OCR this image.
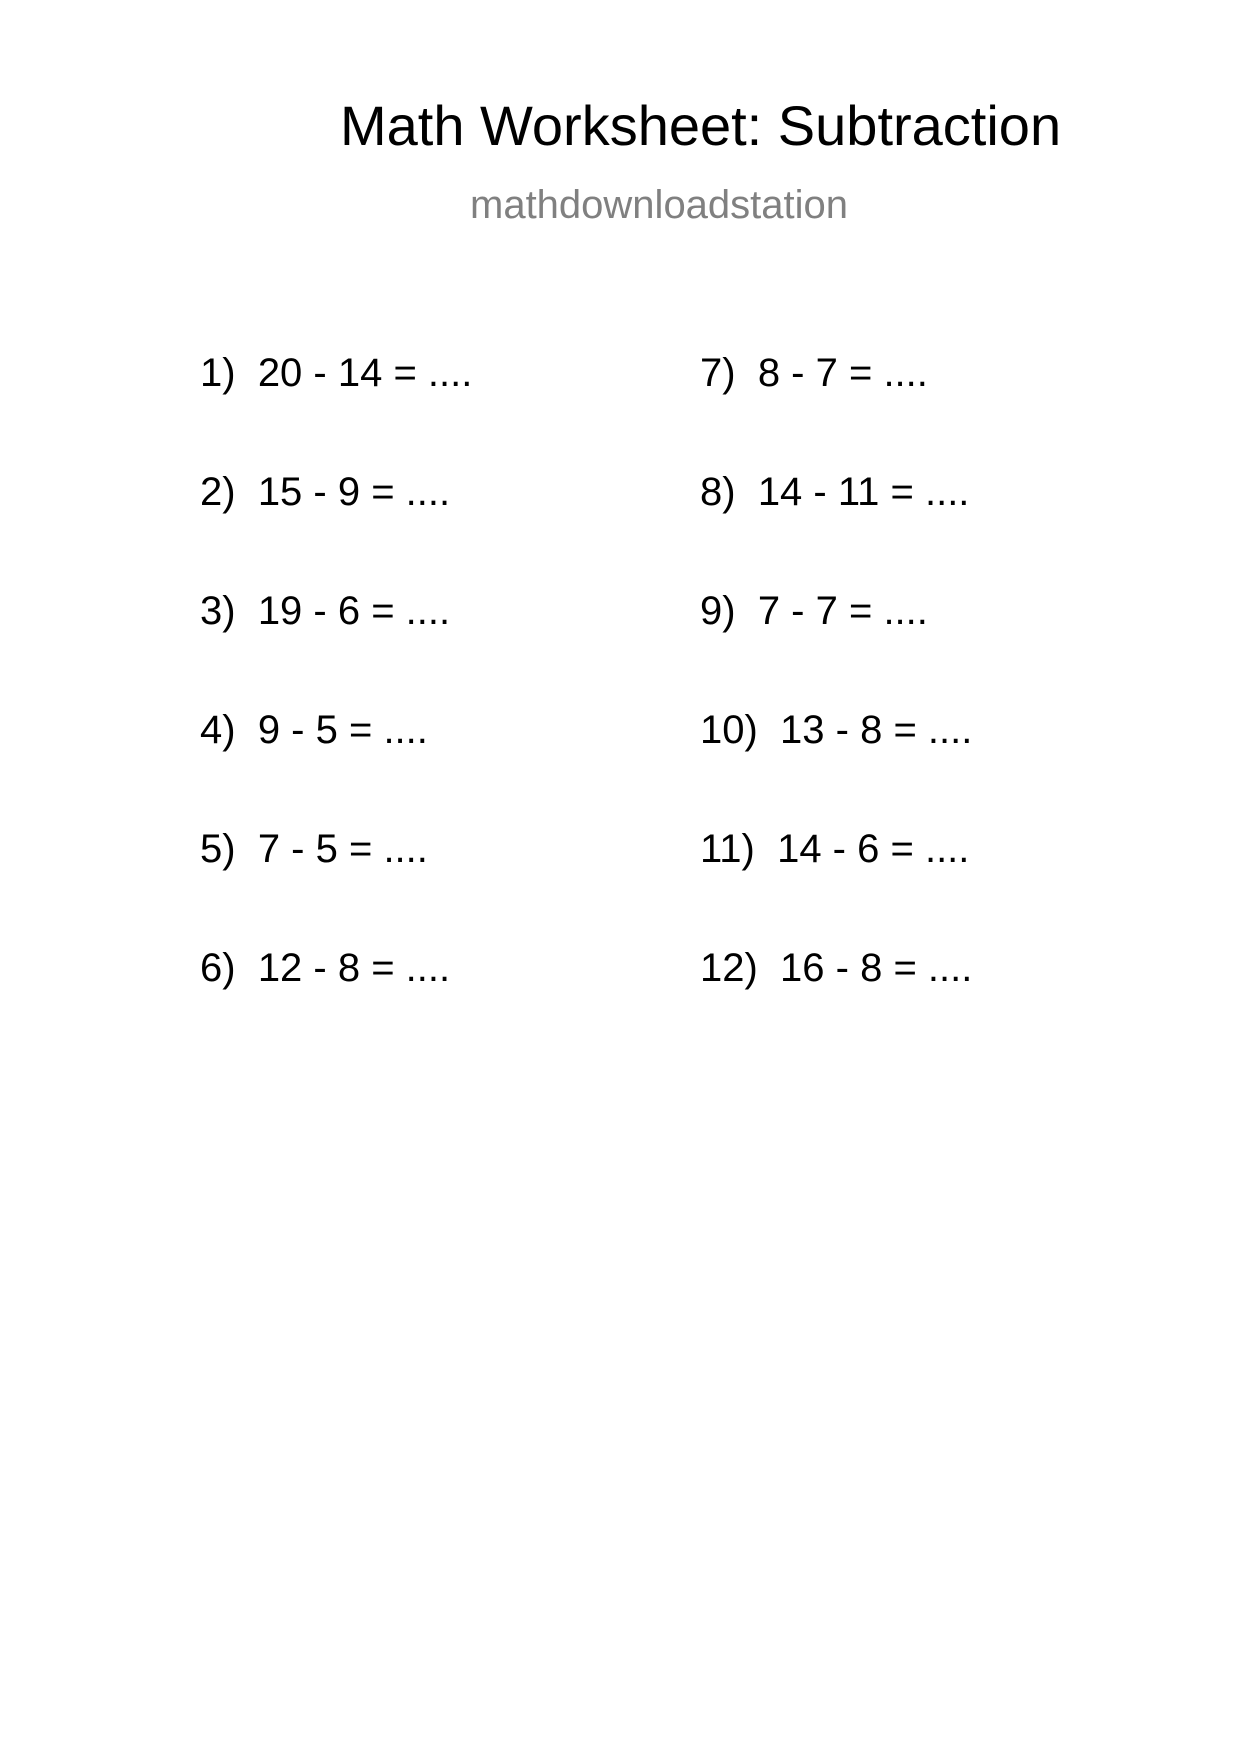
Math Worksheet: Subtraction
mathdownloadstation
1) 20 - 14 = ....
2) 15 - 9 = ....
3) 19 - 6 = ....
4) 9 - 5 = ....
5) 7 - 5 = ....
6) 12 - 8 = ....
7) 8 - 7 = ....
8) 14 - 11 = ....
9) 7 - 7 = ....
10) 13 - 8 = ....
11) 14 - 6 = ....
12) 16 - 8 = ....
